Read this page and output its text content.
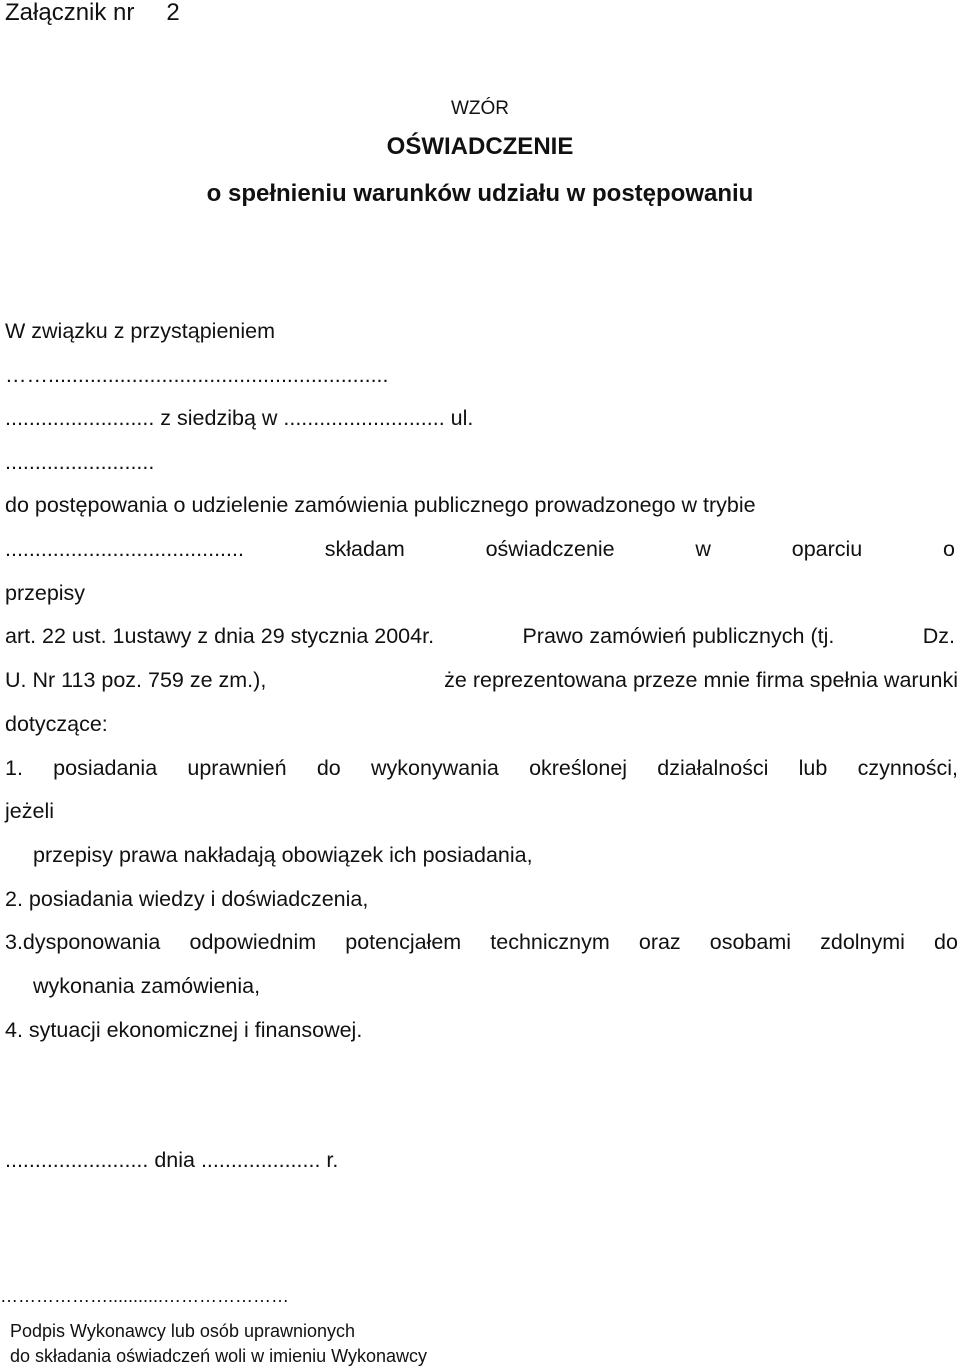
Załącznik nr 2
WZÓR
OŚWIADCZENIE
o spełnieniu warunków udziału w postępowaniu
W związku z przystąpieniem
…….........................................................
......................... z siedzibą w ........................... ul.
.........................
do postępowania o udzielenie zamówienia publicznego prowadzonego w trybie
........................................	składam	oświadczenie	w	oparciu	o
przepisy
art. 22 ust. 1ustawy z dnia 29 stycznia 2004r.	Prawo zamówień publicznych (tj.	Dz.
U. Nr 113 poz. 759 ze zm.),	że reprezentowana przeze mnie firma spełnia warunki
dotyczące:
1. posiadania uprawnień do wykonywania określonej działalności lub czynności,
jeżeli
przepisy prawa nakładają obowiązek ich posiadania,
2. posiadania wiedzy i doświadczenia,
3.dysponowania odpowiednim potencjałem technicznym oraz osobami zdolnymi do
wykonania zamówienia,
4. sytuacji ekonomicznej i finansowej.
........................ dnia .................... r.
………………...........…………………
Podpis Wykonawcy lub osób uprawnionych
do składania oświadczeń woli w imieniu Wykonawcy
